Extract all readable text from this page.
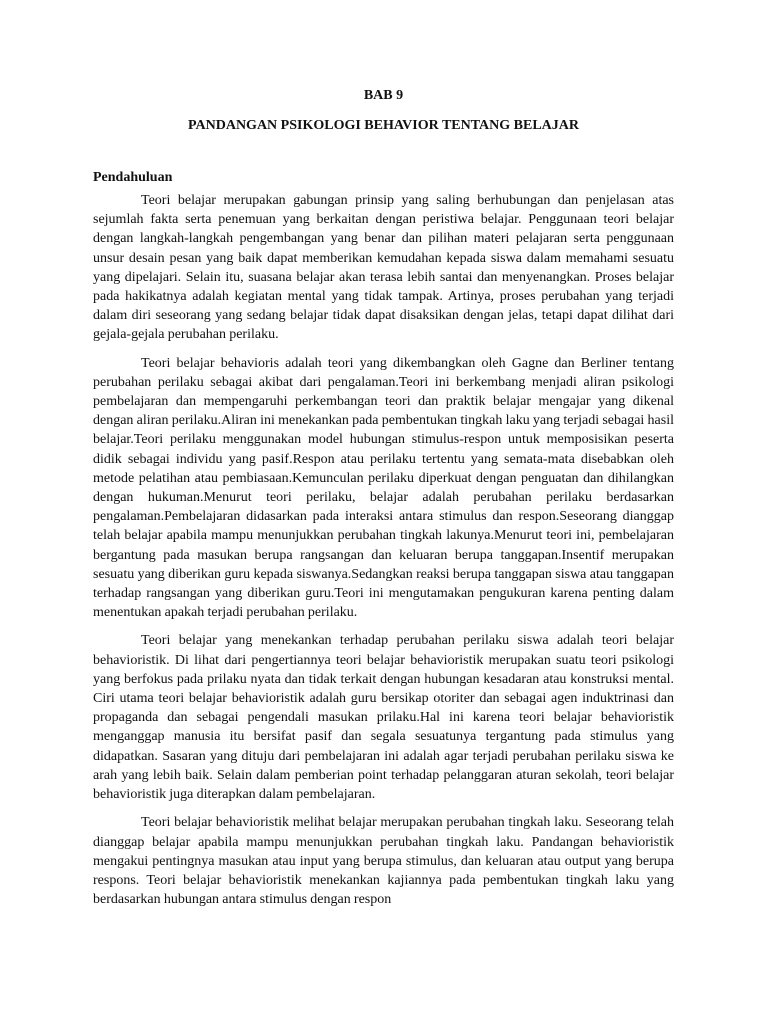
BAB 9

PANDANGAN PSIKOLOGI BEHAVIOR TENTANG BELAJAR

Pendahuluan

Teori belajar merupakan gabungan prinsip yang saling berhubungan dan penjelasan atas sejumlah fakta serta penemuan yang berkaitan dengan peristiwa belajar. Penggunaan teori belajar dengan langkah-langkah pengembangan yang benar dan pilihan materi pelajaran serta penggunaan unsur desain pesan yang baik dapat memberikan kemudahan kepada siswa dalam memahami sesuatu yang dipelajari. Selain itu, suasana belajar akan terasa lebih santai dan menyenangkan. Proses belajar pada hakikatnya adalah kegiatan mental yang tidak tampak. Artinya, proses perubahan yang terjadi dalam diri seseorang yang sedang belajar tidak dapat disaksikan dengan jelas, tetapi dapat dilihat dari gejala-gejala perubahan perilaku.

Teori belajar behavioris adalah teori yang dikembangkan oleh Gagne dan Berliner tentang perubahan perilaku sebagai akibat dari pengalaman.Teori ini berkembang menjadi aliran psikologi pembelajaran dan mempengaruhi perkembangan teori dan praktik belajar mengajar yang dikenal dengan aliran perilaku.Aliran ini menekankan pada pembentukan tingkah laku yang terjadi sebagai hasil belajar.Teori perilaku menggunakan model hubungan stimulus-respon untuk memposisikan peserta didik sebagai individu yang pasif.Respon atau perilaku tertentu yang semata-mata disebabkan oleh metode pelatihan atau pembiasaan.Kemunculan perilaku diperkuat dengan penguatan dan dihilangkan dengan hukuman.Menurut teori perilaku, belajar adalah perubahan perilaku berdasarkan pengalaman.Pembelajaran didasarkan pada interaksi antara stimulus dan respon.Seseorang dianggap telah belajar apabila mampu menunjukkan perubahan tingkah lakunya.Menurut teori ini, pembelajaran bergantung pada masukan berupa rangsangan dan keluaran berupa tanggapan.Insentif merupakan sesuatu yang diberikan guru kepada siswanya.Sedangkan reaksi berupa tanggapan siswa atau tanggapan terhadap rangsangan yang diberikan guru.Teori ini mengutamakan pengukuran karena penting dalam menentukan apakah terjadi perubahan perilaku.

Teori belajar yang menekankan terhadap perubahan perilaku siswa adalah teori belajar behavioristik. Di lihat dari pengertiannya teori belajar behavioristik merupakan suatu teori psikologi yang berfokus pada prilaku nyata dan tidak terkait dengan hubungan kesadaran atau konstruksi mental. Ciri utama teori belajar behavioristik adalah guru bersikap otoriter dan sebagai agen induktrinasi dan propaganda dan sebagai pengendali masukan prilaku.Hal ini karena teori belajar behavioristik menganggap manusia itu bersifat pasif dan segala sesuatunya tergantung pada stimulus yang didapatkan. Sasaran yang dituju dari pembelajaran ini adalah agar terjadi perubahan perilaku siswa ke arah yang lebih baik. Selain dalam pemberian point terhadap pelanggaran aturan sekolah, teori belajar behavioristik juga diterapkan dalam pembelajaran.

Teori belajar behavioristik melihat belajar merupakan perubahan tingkah laku. Seseorang telah dianggap belajar apabila mampu menunjukkan perubahan tingkah laku. Pandangan behavioristik mengakui pentingnya masukan atau input yang berupa stimulus, dan keluaran atau output yang berupa respons. Teori belajar behavioristik menekankan kajiannya pada pembentukan tingkah laku yang berdasarkan hubungan antara stimulus dengan respon
